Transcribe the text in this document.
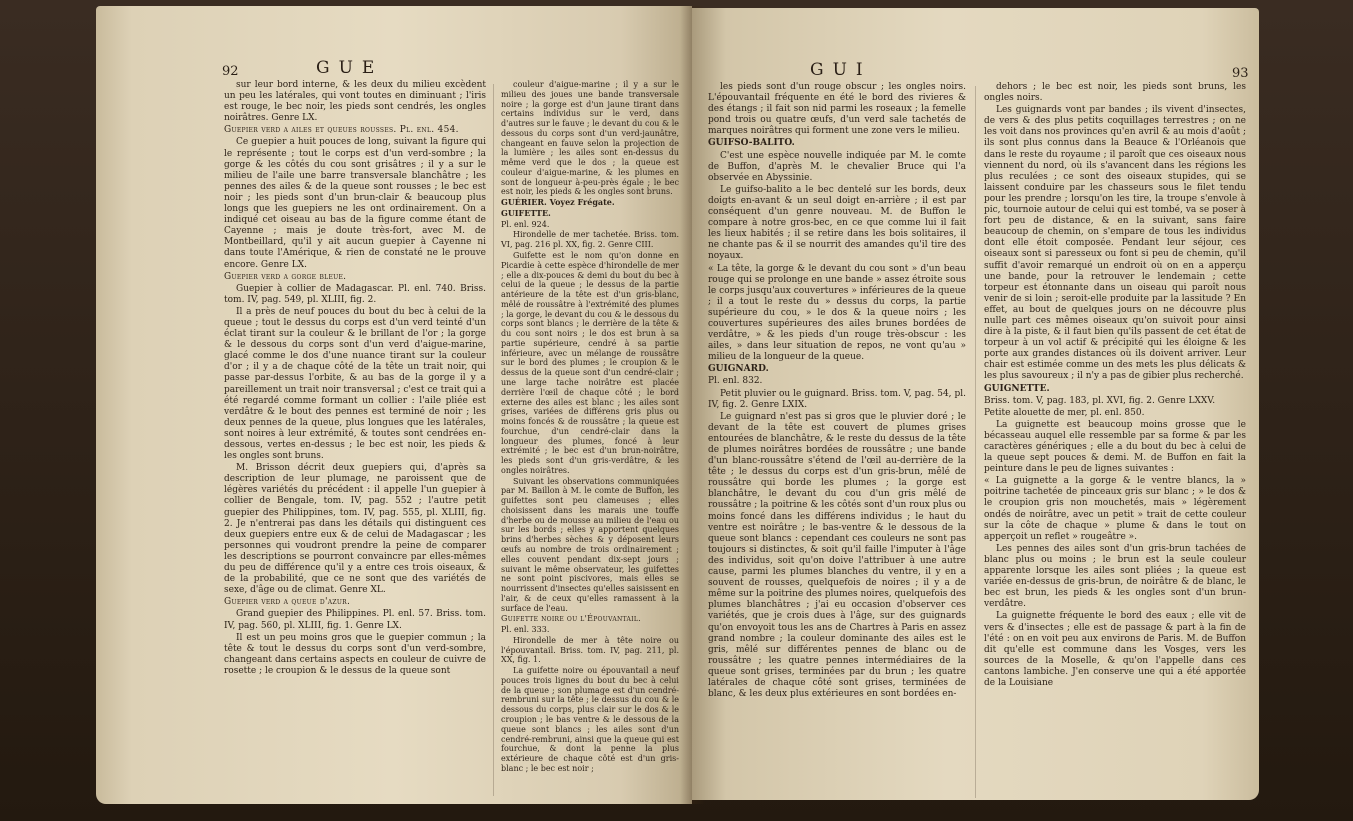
92	GUE

sur leur bord interne, & les deux du milieu excèdent un peu les latérales, qui vont toutes en diminuant ; l'iris est rouge, le bec noir, les pieds sont cendrés, les ongles noirâtres. Genre LX.

Guepier verd a ailes et queues rousses. Pl. enl. 454.

Ce guepier a huit pouces de long, suivant la figure qui le représente ; tout le corps est d'un verd-sombre ; la gorge & les côtés du cou sont grisâtres ; il y a sur le milieu de l'aile une barre transversale blanchâtre ; les pennes des ailes & de la queue sont rousses ; le bec est noir ; les pieds sont d'un brun-clair & beaucoup plus longs que les guepiers ne les ont ordinairement. On a indiqué cet oiseau au bas de la figure comme étant de Cayenne ; mais je doute très-fort, avec M. de Montbeillard, qu'il y ait aucun guepier à Cayenne ni dans toute l'Amérique, & rien de constaté ne le prouve encore. Genre LX.

Guepier verd a gorge bleue.

Guepier à collier de Madagascar. Pl. enl. 740. Briss. tom. IV, pag. 549, pl. XLIII, fig. 2.

Il a près de neuf pouces du bout du bec à celui de la queue ; tout le dessus du corps est d'un verd teinté d'un éclat tirant sur la couleur & le brillant de l'or ; la gorge & le dessous du corps sont d'un verd d'aigue-marine, glacé comme le dos d'une nuance tirant sur la couleur d'or ; il y a de chaque côté de la tête un trait noir, qui passe par-dessus l'orbite, & au bas de la gorge il y a pareillement un trait noir transversal ; c'est ce trait qui a été regardé comme formant un collier : l'aile pliée est verdâtre & le bout des pennes est terminé de noir ; les deux pennes de la queue, plus longues que les latérales, sont noires à leur extrémité, & toutes sont cendrées en-dessous, vertes en-dessus ; le bec est noir, les pieds & les ongles sont bruns.

M. Brisson décrit deux guepiers qui, d'après sa description de leur plumage, ne paroissent que de légères variétés du précédent : il appelle l'un guepier à collier de Bengale, tom. IV, pag. 552 ; l'autre petit guepier des Philippines, tom. IV, pag. 555, pl. XLIII, fig. 2. Je n'entrerai pas dans les détails qui distinguent ces deux guepiers entre eux & de celui de Madagascar ; les personnes qui voudront prendre la peine de comparer les descriptions se pourront convaincre par elles-mêmes du peu de différence qu'il y a entre ces trois oiseaux, & de la probabilité, que ce ne sont que des variétés de sexe, d'âge ou de climat. Genre XL.

Guepier verd a queue d'azur.

Grand guepier des Philippines. Pl. enl. 57. Briss. tom. IV, pag. 560, pl. XLIII, fig. 1. Genre LX.

Il est un peu moins gros que le guepier commun ; la tête & tout le dessus du corps sont d'un verd-sombre, changeant dans certains aspects en couleur de cuivre de rosette ; le croupion & le dessus de la queue sont

couleur d'aigue-marine ; il y a sur le milieu des joues une bande transversale noire ; la gorge est d'un jaune tirant dans certains individus sur le verd, dans d'autres sur le fauve ; le devant du cou & le dessous du corps sont d'un verd-jaunâtre, changeant en fauve selon la projection de la lumière ; les ailes sont en-dessus du même verd que le dos ; la queue est couleur d'aigue-marine, & les plumes en sont de longueur à-peu-près égale ; le bec est noir, les pieds & les ongles sont bruns.

GUÉRIER. Voyez Frégate.

GUIFETTE.

Pl. enl. 924.

Hirondelle de mer tachetée. Briss. tom. VI, pag. 216 pl. XX, fig. 2. Genre CIII.

Guifette est le nom qu'on donne en Picardie à cette espèce d'hirondelle de mer ; elle a dix-pouces & demi du bout du bec à celui de la queue ; le dessus de la partie antérieure de la tête est d'un gris-blanc, mêlé de roussâtre à l'extrémité des plumes ; la gorge, le devant du cou & le dessous du corps sont blancs ; le derrière de la tête & du cou sont noirs ; le dos est brun à sa partie supérieure, cendré à sa partie inférieure, avec un mélange de roussâtre sur le bord des plumes ; le croupion & le dessus de la queue sont d'un cendré-clair ; une large tache noirâtre est placée derrière l'œil de chaque côté ; le bord externe des ailes est blanc ; les ailes sont grises, variées de différens gris plus ou moins foncés & de roussâtre ; la queue est fourchue, d'un cendré-clair dans la longueur des plumes, foncé à leur extrémité ; le bec est d'un brun-noirâtre, les pieds sont d'un gris-verdâtre, & les ongles noirâtres.

Suivant les observations communiquées par M. Baillon à M. le comte de Buffon, les guifettes sont peu clameuses ; elles choisissent dans les marais une touffe d'herbe ou de mousse au milieu de l'eau ou sur les bords ; elles y apportent quelques brins d'herbes sèches & y déposent leurs œufs au nombre de trois ordinairement ; elles couvent pendant dix-sept jours ; suivant le même observateur, les guifettes ne sont point piscivores, mais elles se nourrissent d'insectes qu'elles saisissent en l'air, & de ceux qu'elles ramassent à la surface de l'eau.

Guifette noire ou l'Épouvantail.

Pl. enl. 333.

Hirondelle de mer à tête noire ou l'épouvantail. Briss. tom. IV, pag. 211, pl. XX, fig. 1.

La guifette noire ou épouvantail a neuf pouces trois lignes du bout du bec à celui de la queue ; son plumage est d'un cendré-rembruni sur la tête ; le dessus du cou & le dessous du corps, plus clair sur le dos & le croupion ; le bas ventre & le dessous de la queue sont blancs ; les ailes sont d'un cendré-rembruni, ainsi que la queue qui est fourchue, & dont la penne la plus extérieure de chaque côté est d'un gris-blanc ; le bec est noir ;

GUI	93

les pieds sont d'un rouge obscur ; les ongles noirs. L'épouvantail fréquente en été le bord des rivieres & des étangs ; il fait son nid parmi les roseaux ; la femelle pond trois ou quatre œufs, d'un verd sale tachetés de marques noirâtres qui forment une zone vers le milieu.

GUIFSO-BALITO.

C'est une espèce nouvelle indiquée par M. le comte de Buffon, d'après M. le chevalier Bruce qui l'a observée en Abyssinie.

Le guifso-balito a le bec dentelé sur les bords, deux doigts en-avant & un seul doigt en-arrière ; il est par conséquent d'un genre nouveau. M. de Buffon le compare à notre gros-bec, en ce que comme lui il fait les lieux habités ; il se retire dans les bois solitaires, il ne chante pas & il se nourrit des amandes qu'il tire des noyaux.

« La tête, la gorge & le devant du cou sont » d'un beau rouge qui se prolonge en une bande » assez étroite sous le corps jusqu'aux couvertures » inférieures de la queue ; il a tout le reste du » dessus du corps, la partie supérieure du cou, » le dos & la queue noirs ; les couvertures supérieures des ailes brunes bordées de verdâtre, » & les pieds d'un rouge très-obscur : les ailes, » dans leur situation de repos, ne vont qu'au » milieu de la longueur de la queue.

GUIGNARD.

Pl. enl. 832.

Petit pluvier ou le guignard. Briss. tom. V, pag. 54, pl. IV, fig. 2. Genre LXIX.

Le guignard n'est pas si gros que le pluvier doré ; le devant de la tête est couvert de plumes grises entourées de blanchâtre, & le reste du dessus de la tête de plumes noirâtres bordées de roussâtre ; une bande d'un blanc-roussâtre s'étend de l'œil au-derrière de la tête ; le dessus du corps est d'un gris-brun, mêlé de roussâtre qui borde les plumes ; la gorge est blanchâtre, le devant du cou d'un gris mêlé de roussâtre ; la poitrine & les côtés sont d'un roux plus ou moins foncé dans les différens individus ; le haut du ventre est noirâtre ; le bas-ventre & le dessous de la queue sont blancs : cependant ces couleurs ne sont pas toujours si distinctes, & soit qu'il faille l'imputer à l'âge des individus, soit qu'on doive l'attribuer à une autre cause, parmi les plumes blanches du ventre, il y en a souvent de rousses, quelquefois de noires ; il y a de même sur la poitrine des plumes noires, quelquefois des plumes blanchâtres ; j'ai eu occasion d'observer ces variétés, que je crois dues à l'âge, sur des guignards qu'on envoyoit tous les ans de Chartres à Paris en assez grand nombre ; la couleur dominante des ailes est le gris, mêlé sur différentes pennes de blanc ou de roussâtre ; les quatre pennes intermédiaires de la queue sont grises, terminées par du brun ; les quatre latérales de chaque côté sont grises, terminées de blanc, & les deux plus extérieures en sont bordées en-

dehors ; le bec est noir, les pieds sont bruns, les ongles noirs.

Les guignards vont par bandes ; ils vivent d'insectes, de vers & des plus petits coquillages terrestres ; on ne les voit dans nos provinces qu'en avril & au mois d'août ; ils sont plus connus dans la Beauce & l'Orléanois que dans le reste du royaume ; il paroît que ces oiseaux nous viennent du nord, où ils s'avancent dans les régions les plus reculées ; ce sont des oiseaux stupides, qui se laissent conduire par les chasseurs sous le filet tendu pour les prendre ; lorsqu'on les tire, la troupe s'envole à pic, tournoie autour de celui qui est tombé, va se poser à fort peu de distance, & en la suivant, sans faire beaucoup de chemin, on s'empare de tous les individus dont elle étoit composée. Pendant leur séjour, ces oiseaux sont si paresseux ou font si peu de chemin, qu'il suffit d'avoir remarqué un endroit où on en a apperçu une bande, pour la retrouver le lendemain ; cette torpeur est étonnante dans un oiseau qui paroît nous venir de si loin ; seroit-elle produite par la lassitude ? En effet, au bout de quelques jours on ne découvre plus nulle part ces mêmes oiseaux qu'on suivoit pour ainsi dire à la piste, & il faut bien qu'ils passent de cet état de torpeur à un vol actif & précipité qui les éloigne & les porte aux grandes distances où ils doivent arriver. Leur chair est estimée comme un des mets les plus délicats & les plus savoureux ; il n'y a pas de gibier plus recherché.

GUIGNETTE.

Briss. tom. V, pag. 183, pl. XVI, fig. 2. Genre LXXV.

Petite alouette de mer, pl. enl. 850.

La guignette est beaucoup moins grosse que le bécasseau auquel elle ressemble par sa forme & par les caractères génériques ; elle a du bout du bec à celui de la queue sept pouces & demi. M. de Buffon en fait la peinture dans le peu de lignes suivantes :

« La guignette a la gorge & le ventre blancs, la » poitrine tachetée de pinceaux gris sur blanc ; » le dos & le croupion gris non mouchetés, mais » légèrement ondés de noirâtre, avec un petit » trait de cette couleur sur la côte de chaque » plume & dans le tout on apperçoit un reflet » rougeâtre ».

Les pennes des ailes sont d'un gris-brun tachées de blanc plus ou moins ; le brun est la seule couleur apparente lorsque les ailes sont pliées ; la queue est variée en-dessus de gris-brun, de noirâtre & de blanc, le bec est brun, les pieds & les ongles sont d'un brun-verdâtre.

La guignette fréquente le bord des eaux ; elle vit de vers & d'insectes ; elle est de passage & part à la fin de l'été : on en voit peu aux environs de Paris. M. de Buffon dit qu'elle est commune dans les Vosges, vers les sources de la Moselle, & qu'on l'appelle dans ces cantons lambiche. J'en conserve une qui a été apportée de la Louisiane
